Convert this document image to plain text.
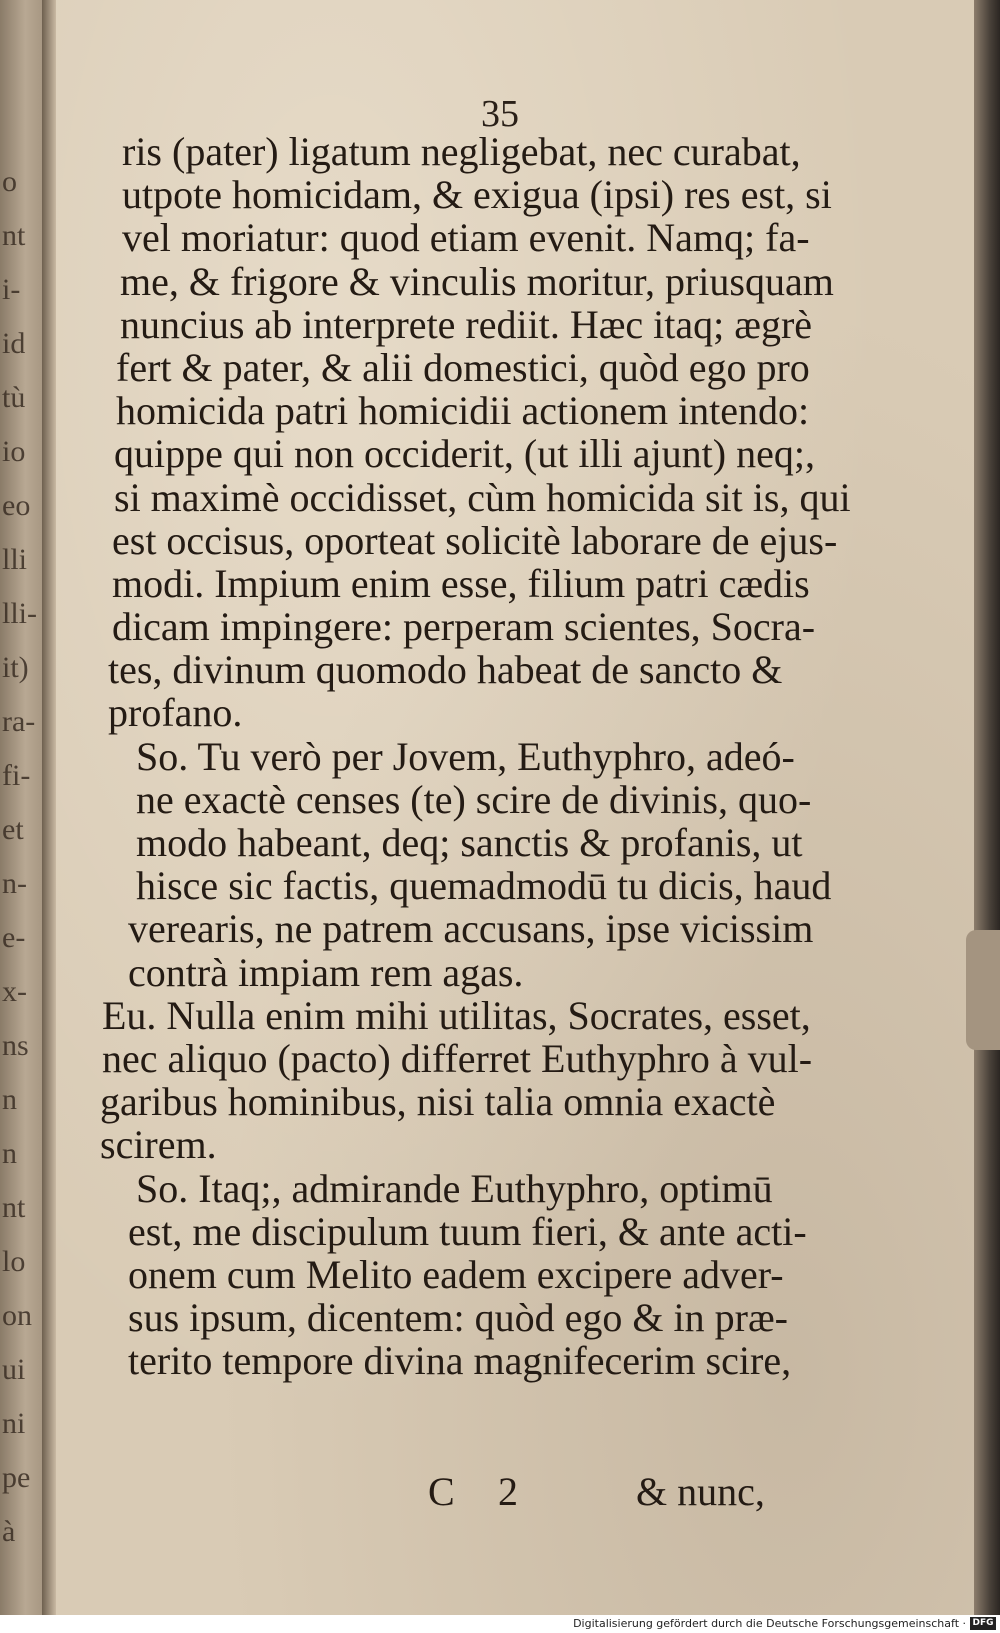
o
nt
i-
id
tù
io
eo
lli
lli-
it)
ra-
fi-
et
n-
e-
x-
ns
n
n
nt
lo
on
ui
ni
pe
à
35
ris (pater) ligatum negligebat, nec curabat,
utpote homicidam, & exigua (ipsi) res est, si
vel moriatur: quod etiam evenit. Namq; fa-
me, & frigore & vinculis moritur, priusquam
nuncius ab interprete rediit. Hæc itaq; ægrè
fert & pater, & alii domestici, quòd ego pro
homicida patri homicidii actionem intendo:
quippe qui non occiderit, (ut illi ajunt) neq;,
si maximè occidisset, cùm homicida sit is, qui
est occisus, oporteat solicitè laborare de ejus-
modi. Impium enim esse, filium patri cædis
dicam impingere: perperam scientes, Socra-
tes, divinum quomodo habeat de sancto &
profano.
So. Tu verò per Jovem, Euthyphro, adeó-
ne exactè censes (te) scire de divinis, quo-
modo habeant, deq; sanctis & profanis, ut
hisce sic factis, quemadmodū tu dicis, haud
verearis, ne patrem accusans, ipse vicissim
contrà impiam rem agas.
Eu. Nulla enim mihi utilitas, Socrates, esset,
nec aliquo (pacto) differret Euthyphro à vul-
garibus hominibus, nisi talia omnia exactè
scirem.
So. Itaq;, admirande Euthyphro, optimū
est, me discipulum tuum fieri, & ante acti-
onem cum Melito eadem excipere adver-
sus ipsum, dicentem: quòd ego & in præ-
terito tempore divina magnifecerim scire,
C 2	& nunc,
Digitalisierung gefördert durch die Deutsche Forschungsgemeinschaft · DFG
